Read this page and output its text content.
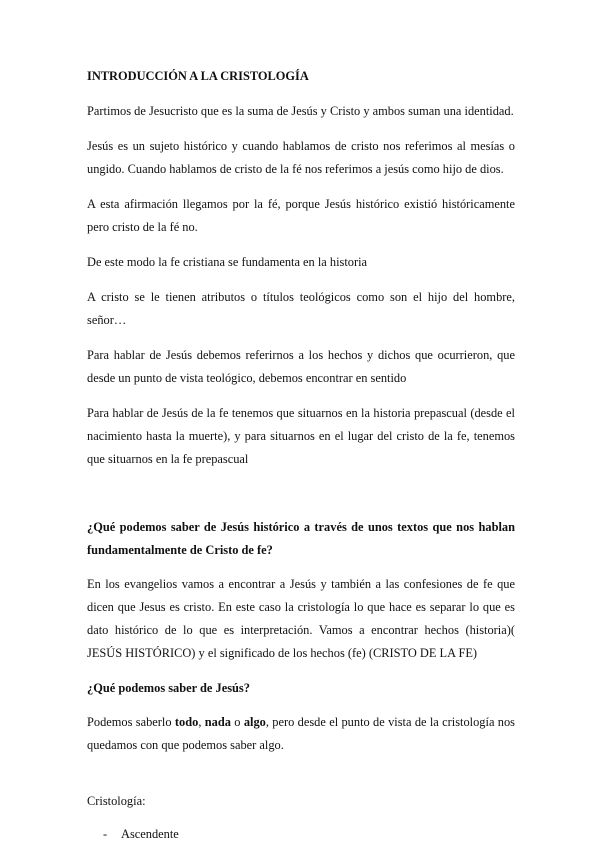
INTRODUCCIÓN A LA CRISTOLOGÍA

Partimos de Jesucristo que es la suma de Jesús y Cristo y ambos suman una identidad.

Jesús es un sujeto histórico y cuando hablamos de cristo nos referimos al mesías o ungido. Cuando hablamos de cristo de la fé nos referimos a jesús como hijo de dios.

A esta afirmación llegamos por la fé, porque Jesús histórico existió históricamente pero cristo de la fé no.

De este modo la fe cristiana se fundamenta en la historia

A cristo se le tienen atributos o títulos teológicos como son el hijo del hombre, señor…

Para hablar de Jesús debemos referirnos a los hechos y dichos que ocurrieron, que desde un punto de vista teológico, debemos encontrar en sentido

Para hablar de Jesús de la fe tenemos que situarnos en la historia prepascual (desde el nacimiento hasta la muerte), y para situarnos en el lugar del cristo de la fe, tenemos que situarnos en la fe prepascual

¿Qué podemos saber de Jesús histórico a través de unos textos que nos hablan fundamentalmente de Cristo de fe?

En los evangelios vamos a encontrar a Jesús y también a las confesiones de fe que dicen que Jesus es cristo. En este caso la cristología lo que hace es separar lo que es dato histórico de lo que es interpretación. Vamos a encontrar hechos (historia)( JESÚS HISTÓRICO) y el significado de los hechos (fe) (CRISTO DE LA FE)

¿Qué podemos saber de Jesús?

Podemos saberlo todo, nada o algo, pero desde el punto de vista de la cristología nos quedamos con que podemos saber algo.

Cristología:

-	Ascendente
